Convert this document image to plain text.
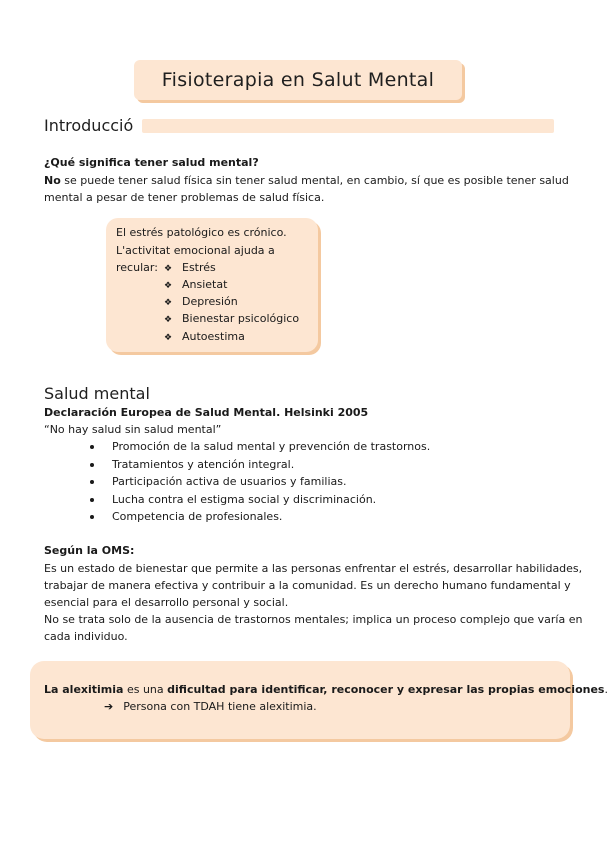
Fisioterapia en Salut Mental
Introducció
¿Qué significa tener salud mental?
No se puede tener salud física sin tener salud mental, en cambio, sí que es posible tener salud
mental a pesar de tener problemas de salud física.
El estrés patológico es crónico.
L'activitat emocional ajuda a recular: ❖ Estrés
❖ Ansietat
❖ Depresión
❖ Bienestar psicológico
❖ Autoestima
Salud mental
Declaración Europea de Salud Mental. Helsinki 2005
“No hay salud sin salud mental”
Promoción de la salud mental y prevención de trastornos.
Tratamientos y atención integral.
Participación activa de usuarios y familias.
Lucha contra el estigma social y discriminación.
Competencia de profesionales.
Según la OMS:
Es un estado de bienestar que permite a las personas enfrentar el estrés, desarrollar habilidades,
trabajar de manera efectiva y contribuir a la comunidad. Es un derecho humano fundamental y
esencial para el desarrollo personal y social.
No se trata solo de la ausencia de trastornos mentales; implica un proceso complejo que varía en
cada individuo.
La alexitimia es una dificultad para identificar, reconocer y expresar las propias emociones.
➔ Persona con TDAH tiene alexitimia.
